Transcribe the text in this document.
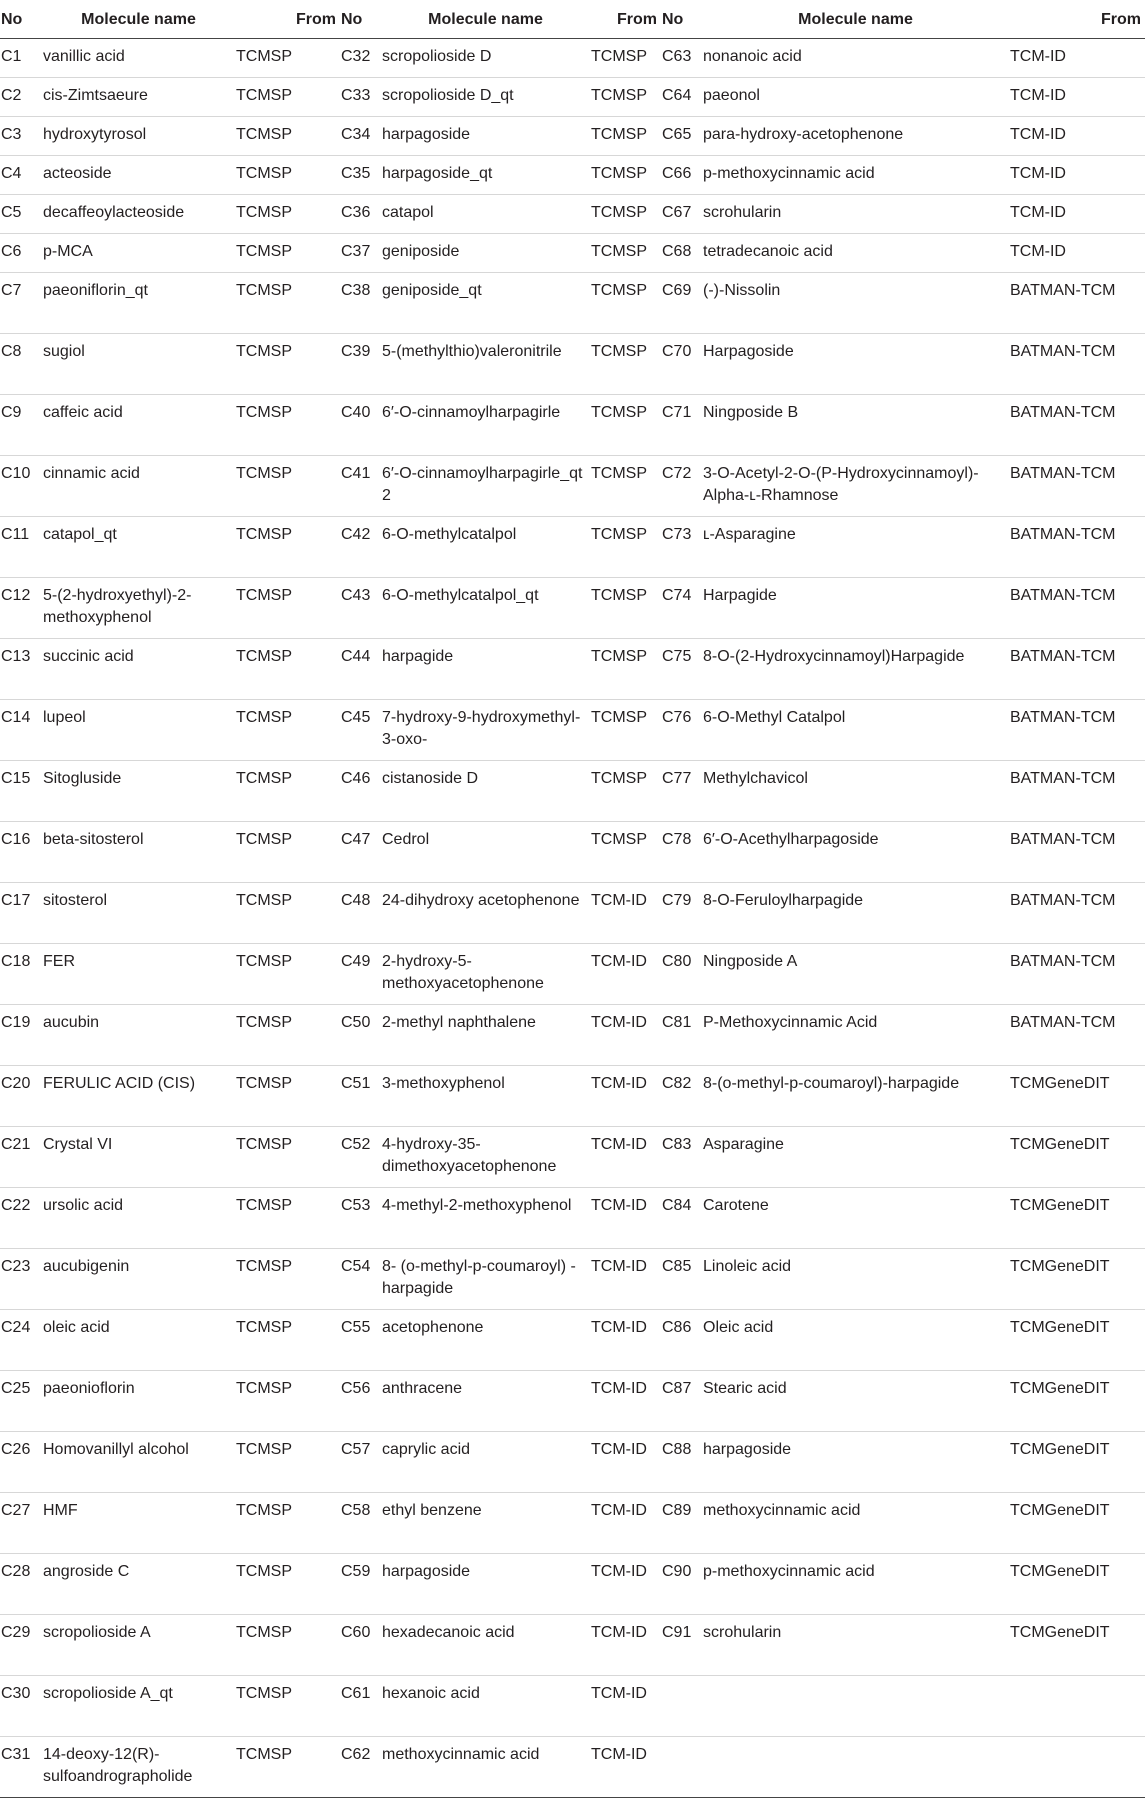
No	Molecule name	From	No	Molecule name	From	No	Molecule name	From
C1	vanillic acid	TCMSP	C32	scropolioside D	TCMSP	C63	nonanoic acid	TCM-ID
C2	cis-Zimtsaeure	TCMSP	C33	scropolioside D_qt	TCMSP	C64	paeonol	TCM-ID
C3	hydroxytyrosol	TCMSP	C34	harpagoside	TCMSP	C65	para-hydroxy-acetophenone	TCM-ID
C4	acteoside	TCMSP	C35	harpagoside_qt	TCMSP	C66	p-methoxycinnamic acid	TCM-ID
C5	decaffeoylacteoside	TCMSP	C36	catapol	TCMSP	C67	scrohularin	TCM-ID
C6	p-MCA	TCMSP	C37	geniposide	TCMSP	C68	tetradecanoic acid	TCM-ID
C7	paeoniflorin_qt	TCMSP	C38	geniposide_qt	TCMSP	C69	(-)-Nissolin	BATMAN-TCM
C8	sugiol	TCMSP	C39	5-(methylthio)valeronitrile	TCMSP	C70	Harpagoside	BATMAN-TCM
C9	caffeic acid	TCMSP	C40	6′-O-cinnamoylharpagirle	TCMSP	C71	Ningposide B	BATMAN-TCM
C10	cinnamic acid	TCMSP	C41	6′-O-cinnamoylharpagirle_qt 2	TCMSP	C72	3-O-Acetyl-2-O-(P-Hydroxycinnamoyl)-Alpha-ʟ-Rhamnose	BATMAN-TCM
C11	catapol_qt	TCMSP	C42	6-O-methylcatalpol	TCMSP	C73	ʟ-Asparagine	BATMAN-TCM
C12	5-(2-hydroxyethyl)-2-methoxyphenol	TCMSP	C43	6-O-methylcatalpol_qt	TCMSP	C74	Harpagide	BATMAN-TCM
C13	succinic acid	TCMSP	C44	harpagide	TCMSP	C75	8-O-(2-Hydroxycinnamoyl)Harpagide	BATMAN-TCM
C14	lupeol	TCMSP	C45	7-hydroxy-9-hydroxymethyl-3-oxo-	TCMSP	C76	6-O-Methyl Catalpol	BATMAN-TCM
C15	Sitogluside	TCMSP	C46	cistanoside D	TCMSP	C77	Methylchavicol	BATMAN-TCM
C16	beta-sitosterol	TCMSP	C47	Cedrol	TCMSP	C78	6′-O-Acethylharpagoside	BATMAN-TCM
C17	sitosterol	TCMSP	C48	24-dihydroxy acetophenone	TCM-ID	C79	8-O-Feruloylharpagide	BATMAN-TCM
C18	FER	TCMSP	C49	2-hydroxy-5-methoxyacetophenone	TCM-ID	C80	Ningposide A	BATMAN-TCM
C19	aucubin	TCMSP	C50	2-methyl naphthalene	TCM-ID	C81	P-Methoxycinnamic Acid	BATMAN-TCM
C20	FERULIC ACID (CIS)	TCMSP	C51	3-methoxyphenol	TCM-ID	C82	8-(o-methyl-p-coumaroyl)-harpagide	TCMGeneDIT
C21	Crystal VI	TCMSP	C52	4-hydroxy-35-dimethoxyacetophenone	TCM-ID	C83	Asparagine	TCMGeneDIT
C22	ursolic acid	TCMSP	C53	4-methyl-2-methoxyphenol	TCM-ID	C84	Carotene	TCMGeneDIT
C23	aucubigenin	TCMSP	C54	8- (o-methyl-p-coumaroyl) -harpagide	TCM-ID	C85	Linoleic acid	TCMGeneDIT
C24	oleic acid	TCMSP	C55	acetophenone	TCM-ID	C86	Oleic acid	TCMGeneDIT
C25	paeonioflorin	TCMSP	C56	anthracene	TCM-ID	C87	Stearic acid	TCMGeneDIT
C26	Homovanillyl alcohol	TCMSP	C57	caprylic acid	TCM-ID	C88	harpagoside	TCMGeneDIT
C27	HMF	TCMSP	C58	ethyl benzene	TCM-ID	C89	methoxycinnamic acid	TCMGeneDIT
C28	angroside C	TCMSP	C59	harpagoside	TCM-ID	C90	p-methoxycinnamic acid	TCMGeneDIT
C29	scropolioside A	TCMSP	C60	hexadecanoic acid	TCM-ID	C91	scrohularin	TCMGeneDIT
C30	scropolioside A_qt	TCMSP	C61	hexanoic acid	TCM-ID			
C31	14-deoxy-12(R)-sulfoandrographolide	TCMSP	C62	methoxycinnamic acid	TCM-ID			
